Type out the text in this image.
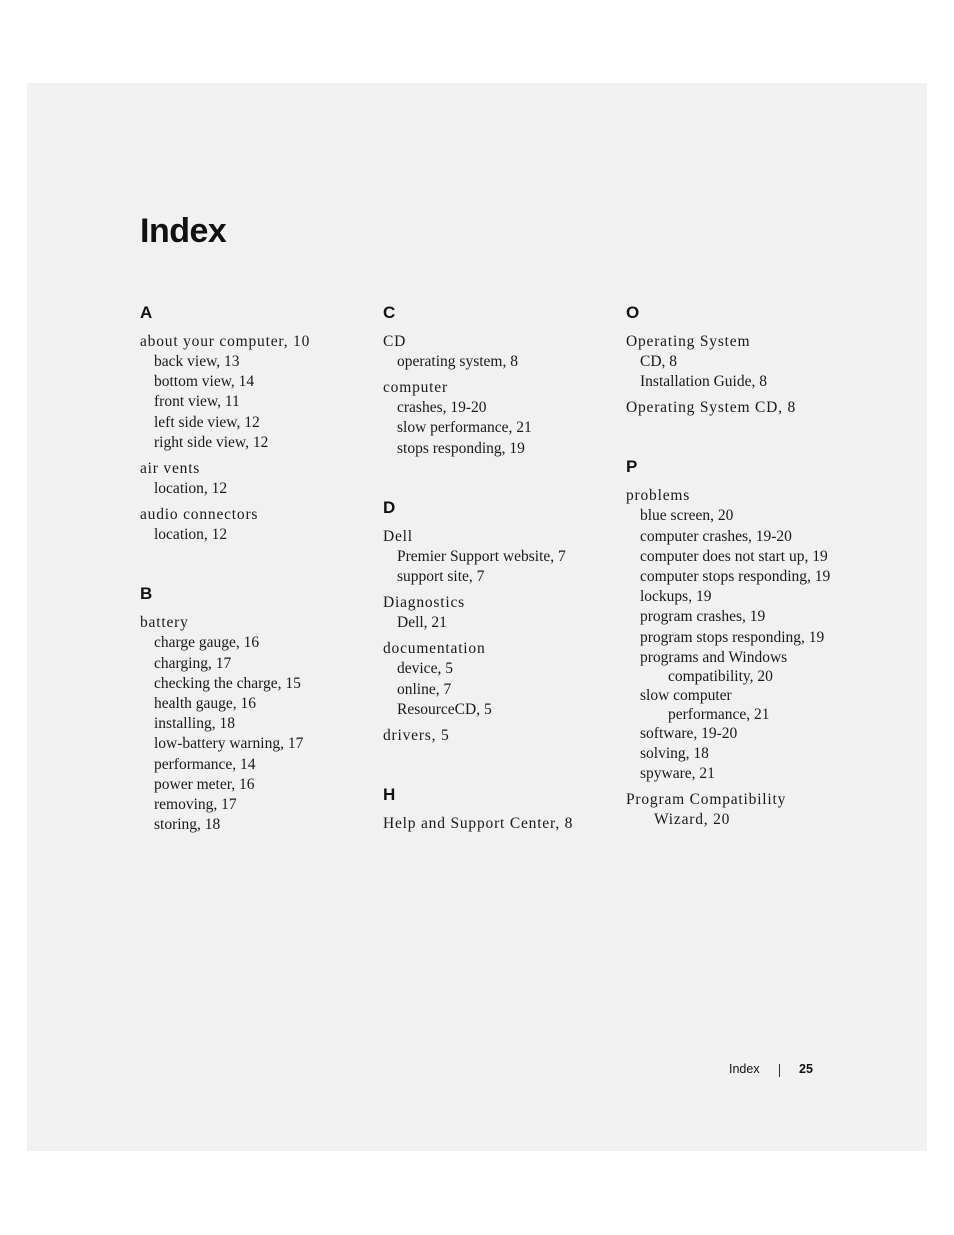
Index
A
about your computer, 10
back view, 13
bottom view, 14
front view, 11
left side view, 12
right side view, 12
air vents
location, 12
audio connectors
location, 12
B
battery
charge gauge, 16
charging, 17
checking the charge, 15
health gauge, 16
installing, 18
low-battery warning, 17
performance, 14
power meter, 16
removing, 17
storing, 18
C
CD
operating system, 8
computer
crashes, 19-20
slow performance, 21
stops responding, 19
D
Dell
Premier Support website, 7
support site, 7
Diagnostics
Dell, 21
documentation
device, 5
online, 7
ResourceCD, 5
drivers, 5
H
Help and Support Center, 8
O
Operating System
CD, 8
Installation Guide, 8
Operating System CD, 8
P
problems
blue screen, 20
computer crashes, 19-20
computer does not start up, 19
computer stops responding, 19
lockups, 19
program crashes, 19
program stops responding, 19
programs and Windows
compatibility, 20
slow computer
performance, 21
software, 19-20
solving, 18
spyware, 21
Program Compatibility
Wizard, 20
Index	25
